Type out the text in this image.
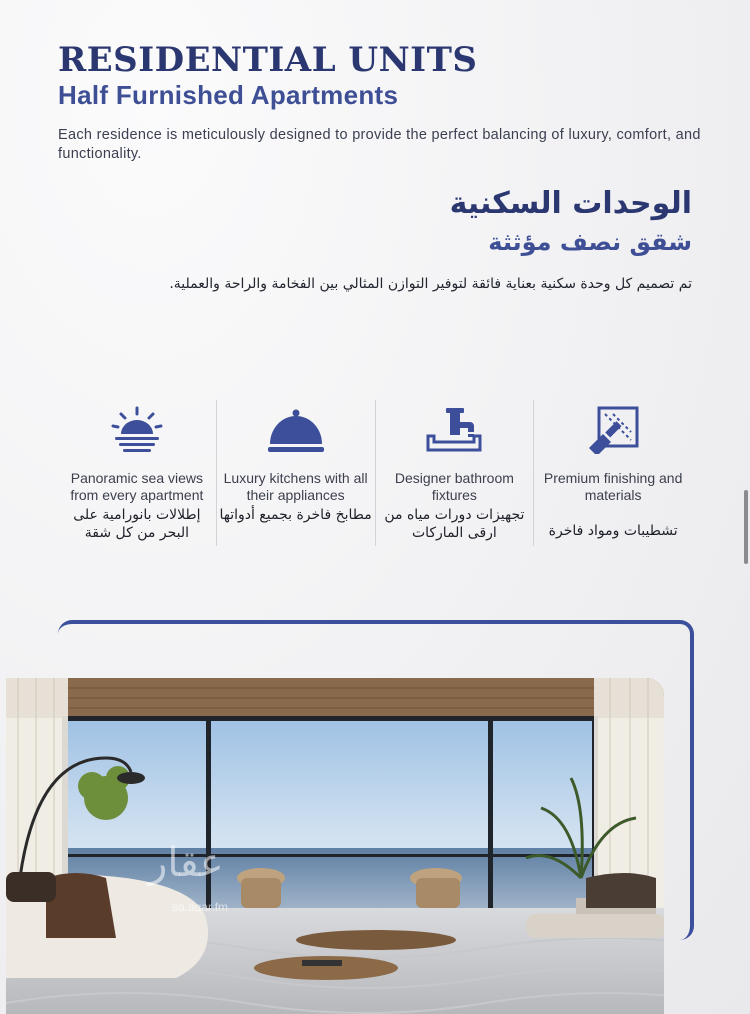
RESIDENTIAL UNITS
Half Furnished Apartments

Each residence is meticulously designed to provide the perfect balancing of luxury, comfort, and functionality.

الوحدات السكنية
شقق نصف مؤثثة

تم تصميم كل وحدة سكنية بعناية فائقة لتوفير التوازن المثالي بين الفخامة والراحة والعملية.

Panoramic sea views from every apartment
إطلالات بانورامية على البحر من كل شقة
Luxury kitchens with all their appliances
مطابخ فاخرة بجميع أدواتها
Designer bathroom fixtures
تجهيزات دورات مياه من ارقى الماركات
Premium finishing and materials
تشطيبات ومواد فاخرة
عقار
sa.aqar.fm
